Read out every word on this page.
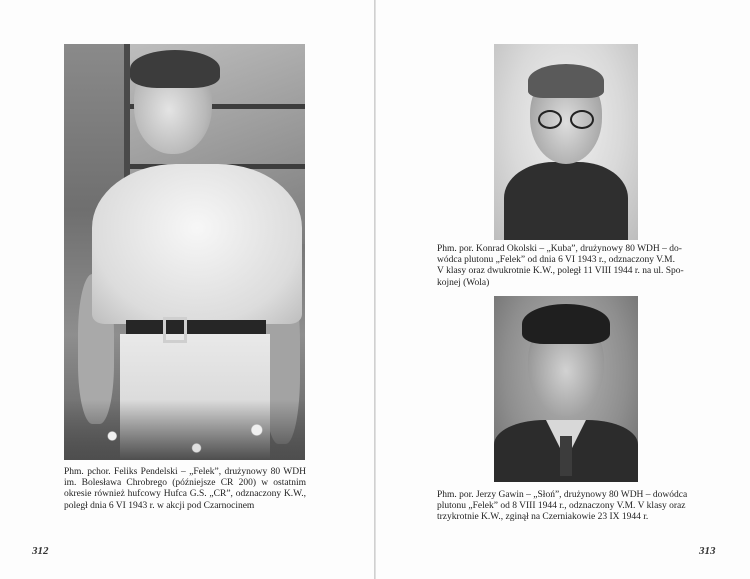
Phm. pchor. Feliks Pendelski – „Felek”, drużynowy 80 WDH
im. Bolesława Chrobrego (późniejsze CR 200) w ostatnim
okresie również hufcowy Hufca G.S. „CR”, odznaczony K.W.,
poległ dnia 6 VI 1943 r. w akcji pod Czarnocinem

312

Phm. por. Konrad Okolski – „Kuba”, drużynowy 80 WDH – do-
wódca plutonu „Felek” od dnia 6 VI 1943 r., odznaczony V.M.
V klasy oraz dwukrotnie K.W., poległ 11 VIII 1944 r. na ul. Spo-
kojnej (Wola)

Phm. por. Jerzy Gawin – „Słoń”, drużynowy 80 WDH – dowódca
plutonu „Felek” od 8 VIII 1944 r., odznaczony V.M. V klasy oraz
trzykrotnie K.W., zginął na Czerniakowie 23 IX 1944 r.

313
